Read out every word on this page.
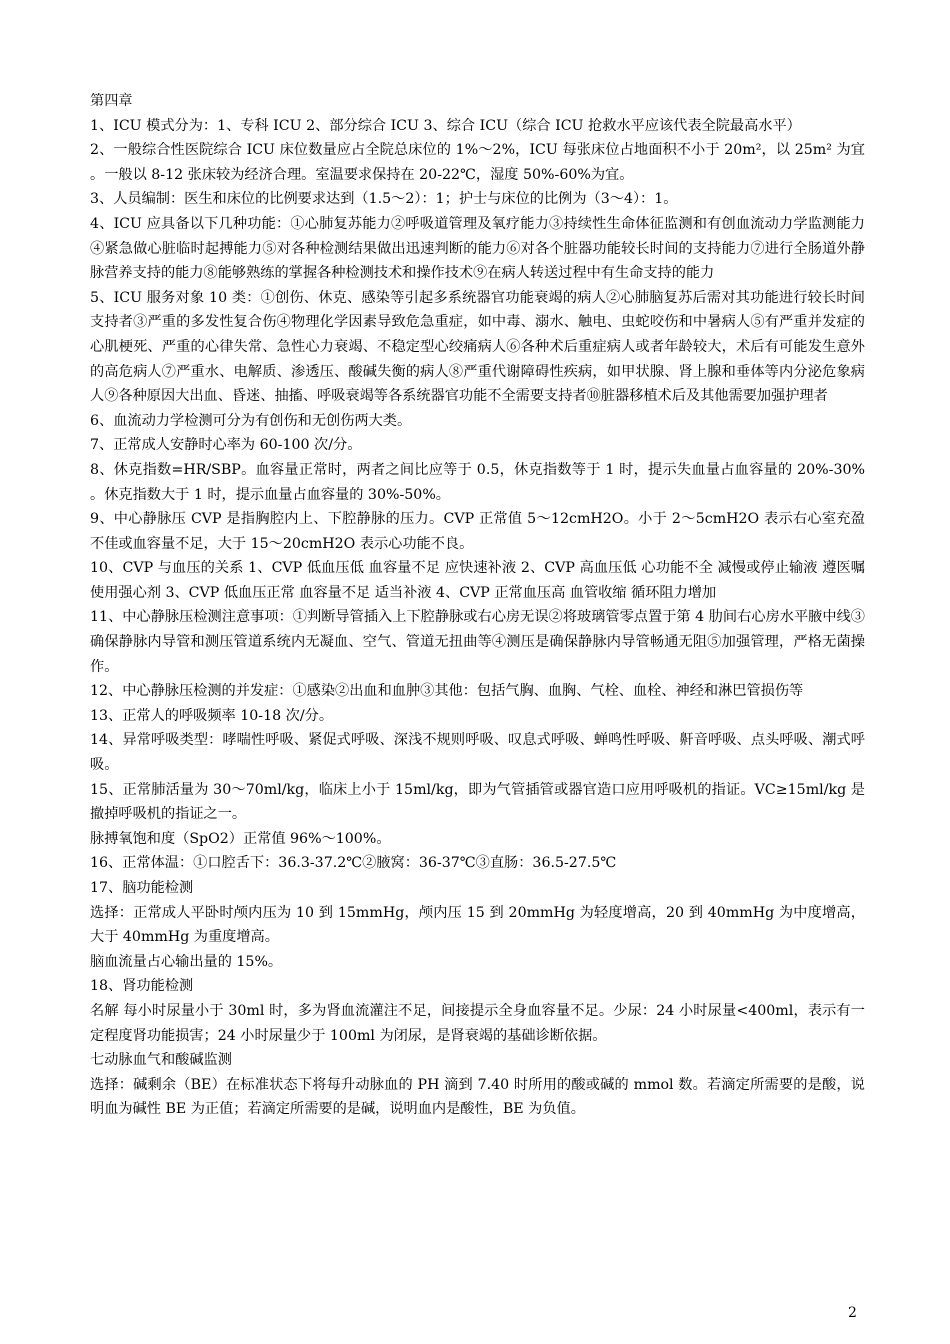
第四章

1、ICU 模式分为：1、专科 ICU 2、部分综合 ICU 3、综合 ICU（综合 ICU 抢救水平应该代表全院最高水平）

2、一般综合性医院综合 ICU 床位数量应占全院总床位的 1%～2%，ICU 每张床位占地面积不小于 20m²，以 25m² 为宜。一般以 8-12 张床较为经济合理。室温要求保持在 20-22℃，湿度 50%-60%为宜。

3、人员编制：医生和床位的比例要求达到（1.5～2）：1；护士与床位的比例为（3～4）：1。

4、ICU 应具备以下几种功能：①心肺复苏能力②呼吸道管理及氧疗能力③持续性生命体征监测和有创血流动力学监测能力④紧急做心脏临时起搏能力⑤对各种检测结果做出迅速判断的能力⑥对各个脏器功能较长时间的支持能力⑦进行全肠道外静脉营养支持的能力⑧能够熟练的掌握各种检测技术和操作技术⑨在病人转送过程中有生命支持的能力

5、ICU 服务对象 10 类：①创伤、休克、感染等引起多系统器官功能衰竭的病人②心肺脑复苏后需对其功能进行较长时间支持者③严重的多发性复合伤④物理化学因素导致危急重症，如中毒、溺水、触电、虫蛇咬伤和中暑病人⑤有严重并发症的心肌梗死、严重的心律失常、急性心力衰竭、不稳定型心绞痛病人⑥各种术后重症病人或者年龄较大，术后有可能发生意外的高危病人⑦严重水、电解质、渗透压、酸碱失衡的病人⑧严重代谢障碍性疾病，如甲状腺、肾上腺和垂体等内分泌危象病人⑨各种原因大出血、昏迷、抽搐、呼吸衰竭等各系统器官功能不全需要支持者⑩脏器移植术后及其他需要加强护理者

6、血流动力学检测可分为有创伤和无创伤两大类。

7、正常成人安静时心率为 60-100 次/分。

8、休克指数=HR/SBP。血容量正常时，两者之间比应等于 0.5，休克指数等于 1 时，提示失血量占血容量的 20%-30%。休克指数大于 1 时，提示血量占血容量的 30%-50%。

9、中心静脉压 CVP 是指胸腔内上、下腔静脉的压力。CVP 正常值 5～12cmH2O。小于 2～5cmH2O 表示右心室充盈不佳或血容量不足，大于 15～20cmH2O 表示心功能不良。

10、CVP 与血压的关系 1、CVP 低血压低 血容量不足 应快速补液 2、CVP 高血压低 心功能不全 减慢或停止输液 遵医嘱使用强心剂 3、CVP 低血压正常 血容量不足 适当补液 4、CVP 正常血压高 血管收缩 循环阻力增加

11、中心静脉压检测注意事项：①判断导管插入上下腔静脉或右心房无误②将玻璃管零点置于第 4 肋间右心房水平腋中线③确保静脉内导管和测压管道系统内无凝血、空气、管道无扭曲等④测压是确保静脉内导管畅通无阻⑤加强管理，严格无菌操作。

12、中心静脉压检测的并发症：①感染②出血和血肿③其他：包括气胸、血胸、气栓、血栓、神经和淋巴管损伤等

13、正常人的呼吸频率 10-18 次/分。

14、异常呼吸类型：哮喘性呼吸、紧促式呼吸、深浅不规则呼吸、叹息式呼吸、蝉鸣性呼吸、鼾音呼吸、点头呼吸、潮式呼吸。

15、正常肺活量为 30～70ml/kg，临床上小于 15ml/kg，即为气管插管或器官造口应用呼吸机的指证。VC≥15ml/kg 是撤掉呼吸机的指证之一。

脉搏氧饱和度（SpO2）正常值 96%～100%。

16、正常体温：①口腔舌下：36.3-37.2℃②腋窝：36-37℃③直肠：36.5-27.5℃

17、脑功能检测

选择：正常成人平卧时颅内压为 10 到 15mmHg，颅内压 15 到 20mmHg 为轻度增高，20 到 40mmHg 为中度增高，大于 40mmHg 为重度增高。

脑血流量占心输出量的 15%。

18、肾功能检测

名解 每小时尿量小于 30ml 时，多为肾血流灌注不足，间接提示全身血容量不足。少尿：24 小时尿量<400ml，表示有一定程度肾功能损害；24 小时尿量少于 100ml 为闭尿，是肾衰竭的基础诊断依据。

七动脉血气和酸碱监测

选择：碱剩余（BE）在标准状态下将每升动脉血的 PH 滴到 7.40 时所用的酸或碱的 mmol 数。若滴定所需要的是酸，说明血为碱性 BE 为正值；若滴定所需要的是碱，说明血内是酸性，BE 为负值。

2
